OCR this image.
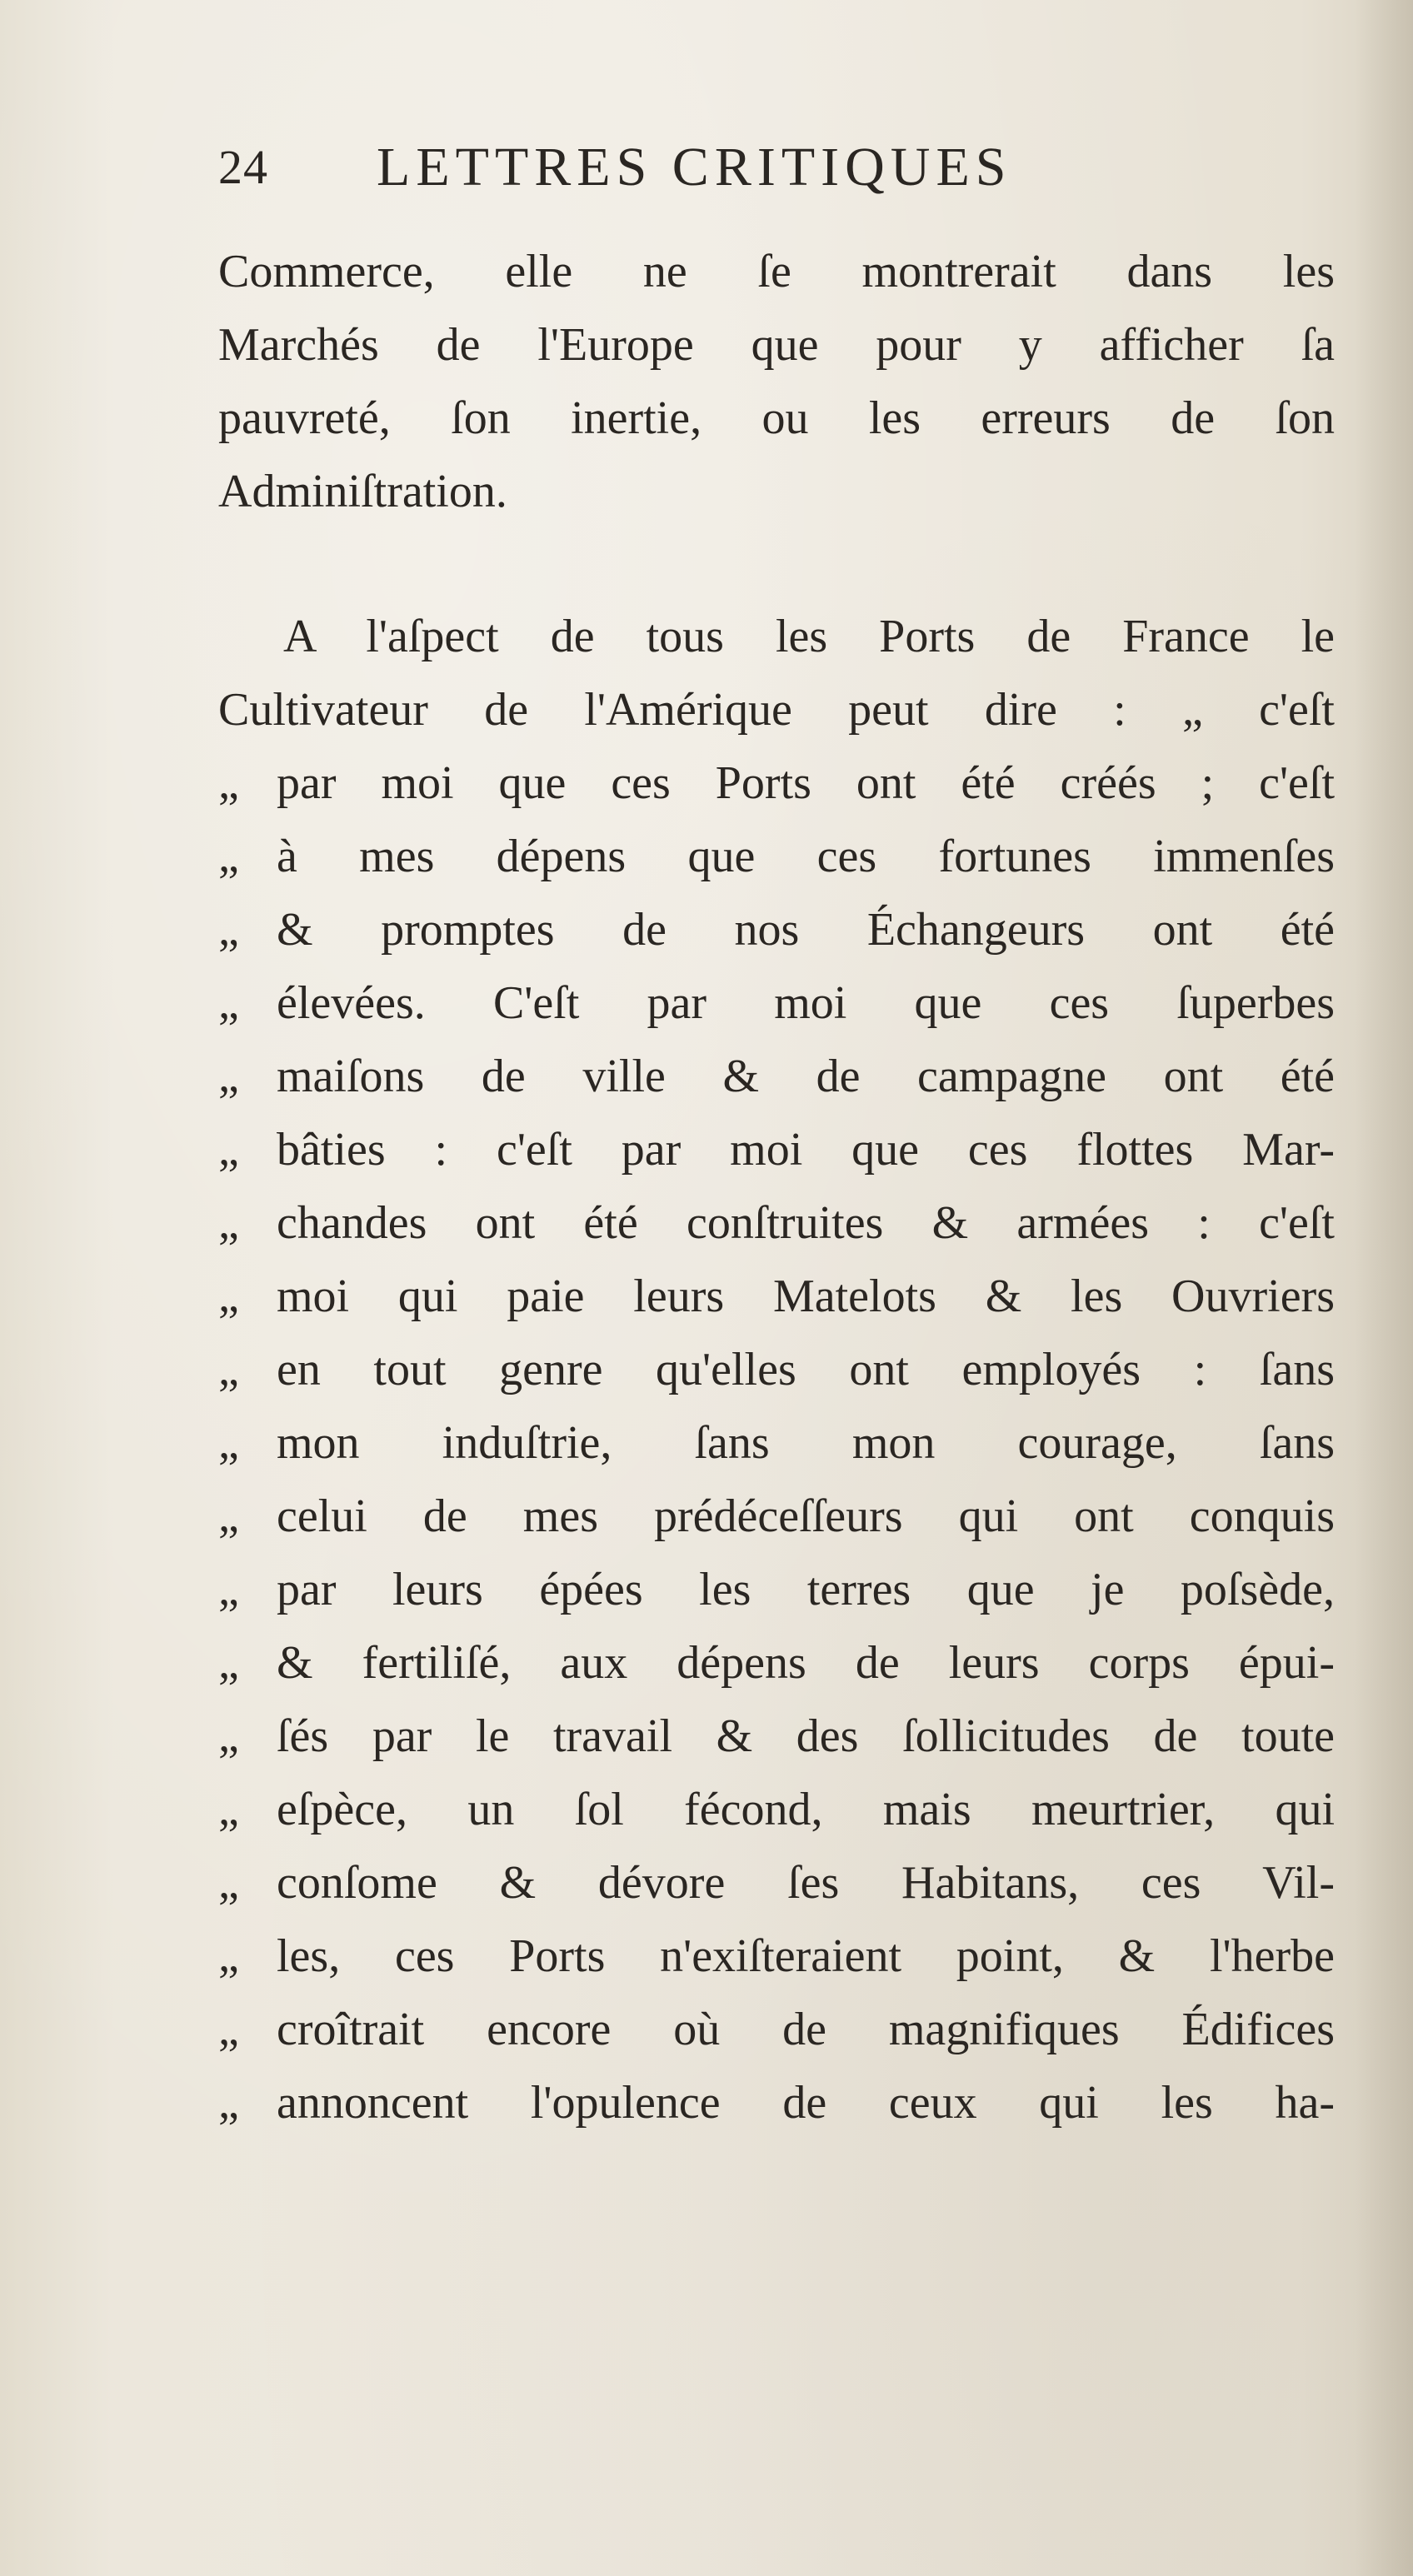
24 LETTRES CRITIQUES
Commerce, elle ne ſe montrerait dans les
Marchés de l'Europe que pour y afficher ſa
pauvreté, ſon inertie, ou les erreurs de ſon
Adminiſtration.
A l'aſpect de tous les Ports de France le
Cultivateur de l'Amérique peut dire : „ c'eſt
„ par moi que ces Ports ont été créés ; c'eſt
„ à mes dépens que ces fortunes immenſes
„ & promptes de nos Échangeurs ont été
„ élevées. C'eſt par moi que ces ſuperbes
„ maiſons de ville & de campagne ont été
„ bâties : c'eſt par moi que ces flottes Mar-
„ chandes ont été conſtruites & armées : c'eſt
„ moi qui paie leurs Matelots & les Ouvriers
„ en tout genre qu'elles ont employés : ſans
„ mon induſtrie, ſans mon courage, ſans
„ celui de mes prédéceſſeurs qui ont conquis
„ par leurs épées les terres que je poſsède,
„ & fertiliſé, aux dépens de leurs corps épui-
„ ſés par le travail & des ſollicitudes de toute
„ eſpèce, un ſol fécond, mais meurtrier, qui
„ conſome & dévore ſes Habitans, ces Vil-
„ les, ces Ports n'exiſteraient point, & l'herbe
„ croîtrait encore où de magnifiques Édifices
„ annoncent l'opulence de ceux qui les ha-
